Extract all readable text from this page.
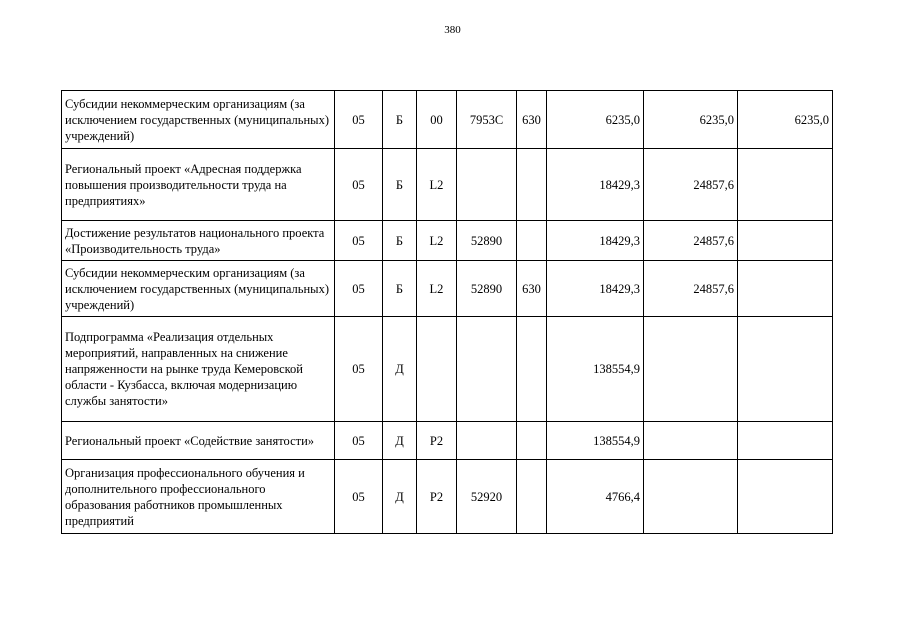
380
Субсидии некоммерческим организациям (за исключением государственных (муниципальных) учреждений)	05	Б	00	7953С	630	6235,0	6235,0	6235,0
Региональный проект «Адресная поддержка повышения производительности труда на предприятиях»	05	Б	L2			18429,3	24857,6	
Достижение результатов национального проекта «Производительность труда»	05	Б	L2	52890		18429,3	24857,6	
Субсидии некоммерческим организациям (за исключением государственных (муниципальных) учреждений)	05	Б	L2	52890	630	18429,3	24857,6	
Подпрограмма «Реализация отдельных мероприятий, направленных на снижение напряженности на рынке труда Кемеровской области - Кузбасса, включая модернизацию службы занятости»	05	Д				138554,9		
Региональный проект «Содействие занятости»	05	Д	Р2			138554,9		
Организация профессионального обучения и дополнительного профессионального образования работников промышленных предприятий	05	Д	Р2	52920		4766,4		
